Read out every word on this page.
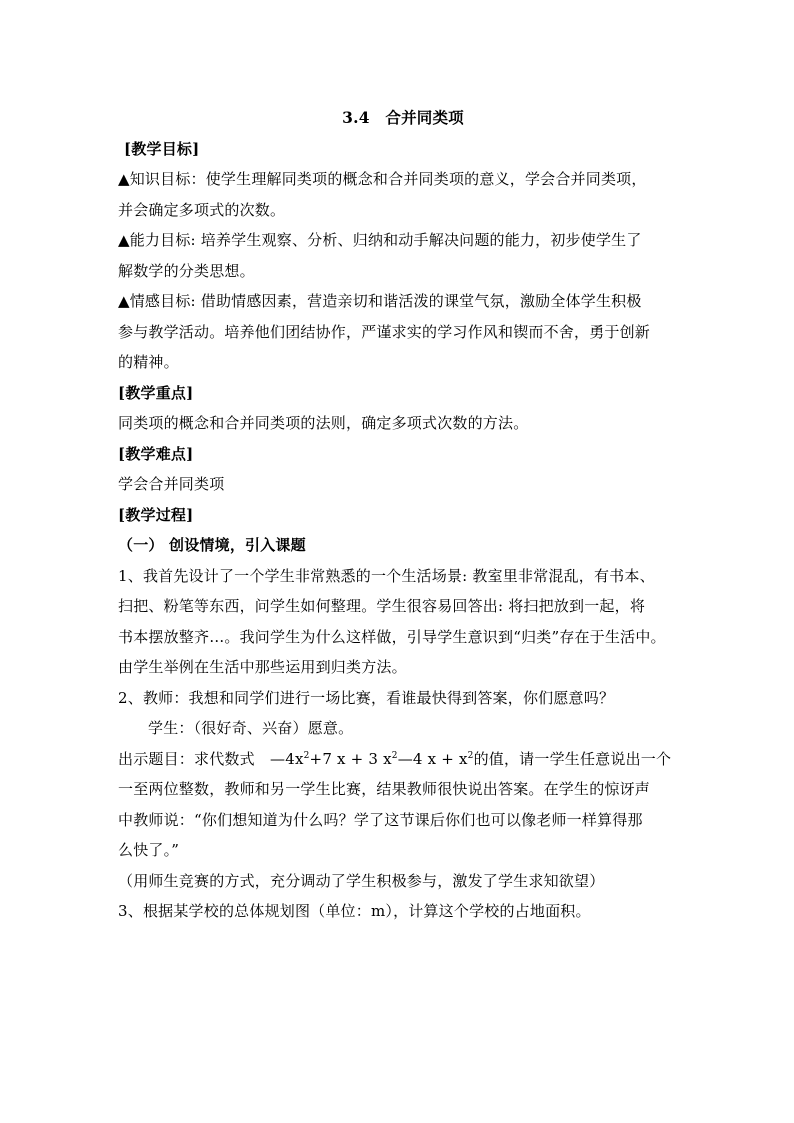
3.4　合并同类项
[教学目标]
▲知识目标：使学生理解同类项的概念和合并同类项的意义，学会合并同类项，
并会确定多项式的次数。
▲能力目标: 培养学生观察、分析、归纳和动手解决问题的能力，初步使学生了
解数学的分类思想。
▲情感目标: 借助情感因素，营造亲切和谐活泼的课堂气氛，激励全体学生积极
参与教学活动。培养他们团结协作，严谨求实的学习作风和锲而不舍，勇于创新
的精神。
[教学重点]
同类项的概念和合并同类项的法则，确定多项式次数的方法。
[教学难点]
学会合并同类项
[教学过程]
（一） 创设情境，引入课题
1、我首先设计了一个学生非常熟悉的一个生活场景: 教室里非常混乱，有书本、
扫把、粉笔等东西，问学生如何整理。学生很容易回答出: 将扫把放到一起，将
书本摆放整齐…。我问学生为什么这样做，引导学生意识到“归类”存在于生活中。
由学生举例在生活中那些运用到归类方法。
2、教师：我想和同学们进行一场比赛，看谁最快得到答案，你们愿意吗？
学生：（很好奇、兴奋）愿意。
出示题目：求代数式　$—4x^2+7$ x + 3 $x^2—4$ $x + x^2$的值，请一学生任意说出一个
一至两位整数，教师和另一学生比赛，结果教师很快说出答案。在学生的惊讶声
中教师说：“你们想知道为什么吗？学了这节课后你们也可以像老师一样算得那
么快了。”
（用师生竞赛的方式，充分调动了学生积极参与，激发了学生求知欲望）
3、根据某学校的总体规划图（单位：m），计算这个学校的占地面积。
